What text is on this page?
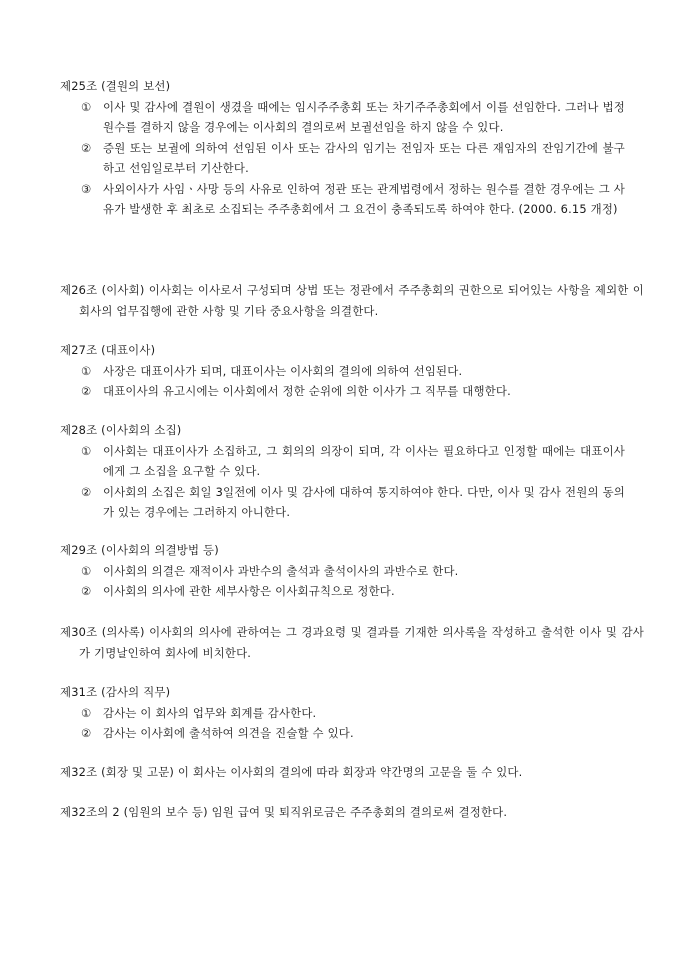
제25조 (결원의 보선)
① 이사 및 감사에 결원이 생겼을 때에는 임시주주총회 또는 차기주주총회에서 이를 선임한다. 그러나 법정원수를 결하지 않을 경우에는 이사회의 결의로써 보궐선임을 하지 않을 수 있다.
② 증원 또는 보궐에 의하여 선임된 이사 또는 감사의 임기는 전임자 또는 다른 재임자의 잔임기간에 불구하고 선임일로부터 기산한다.
③ 사외이사가 사임ㆍ사망 등의 사유로 인하여 정관 또는 관계법령에서 정하는 원수를 결한 경우에는 그 사유가 발생한 후 최초로 소집되는 주주총회에서 그 요건이 충족되도록 하여야 한다. (2000. 6.15 개정)
제26조 (이사회) 이사회는 이사로서 구성되며 상법 또는 정관에서 주주총회의 권한으로 되어있는 사항을 제외한 이 회사의 업무집행에 관한 사항 및 기타 중요사항을 의결한다.
제27조 (대표이사)
① 사장은 대표이사가 되며, 대표이사는 이사회의 결의에 의하여 선임된다.
② 대표이사의 유고시에는 이사회에서 정한 순위에 의한 이사가 그 직무를 대행한다.
제28조 (이사회의 소집)
① 이사회는 대표이사가 소집하고, 그 회의의 의장이 되며, 각 이사는 필요하다고 인정할 때에는 대표이사에게 그 소집을 요구할 수 있다.
② 이사회의 소집은 회일 3일전에 이사 및 감사에 대하여 통지하여야 한다. 다만, 이사 및 감사 전원의 동의가 있는 경우에는 그러하지 아니한다.
제29조 (이사회의 의결방법 등)
① 이사회의 의결은 재적이사 과반수의 출석과 출석이사의 과반수로 한다.
② 이사회의 의사에 관한 세부사항은 이사회규칙으로 정한다.
제30조 (의사록) 이사회의 의사에 관하여는 그 경과요령 및 결과를 기재한 의사록을 작성하고 출석한 이사 및 감사가 기명날인하여 회사에 비치한다.
제31조 (감사의 직무)
① 감사는 이 회사의 업무와 회계를 감사한다.
② 감사는 이사회에 출석하여 의견을 진술할 수 있다.
제32조 (회장 및 고문) 이 회사는 이사회의 결의에 따라 회장과 약간명의 고문을 둘 수 있다.
제32조의 2 (임원의 보수 등) 임원 급여 및 퇴직위로금은 주주총회의 결의로써 결정한다.
